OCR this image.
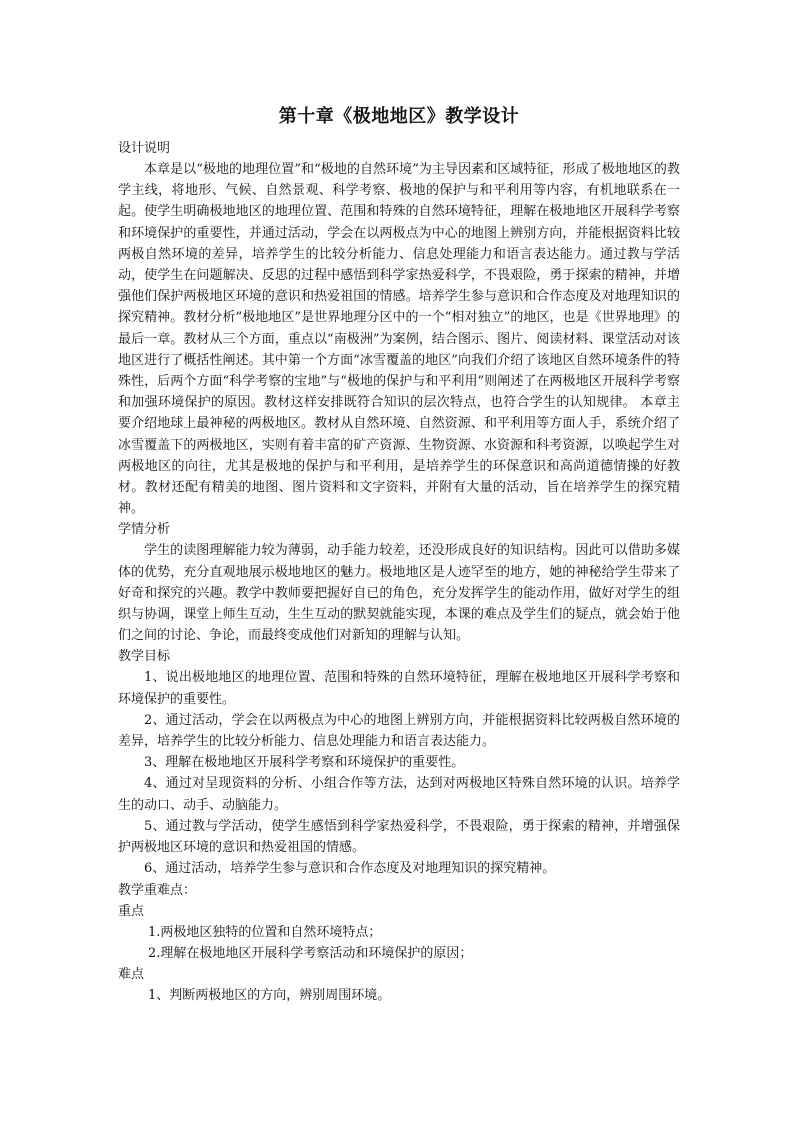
第十章《极地地区》教学设计

设计说明

本章是以“极地的地理位置”和“极地的自然环境”为主导因素和区域特征，形成了极地地区的教学主线，将地形、气候、自然景观、科学考察、极地的保护与和平利用等内容，有机地联系在一起。使学生明确极地地区的地理位置、范围和特殊的自然环境特征，理解在极地地区开展科学考察和环境保护的重要性，并通过活动，学会在以两极点为中心的地图上辨别方向，并能根据资料比较两极自然环境的差异，培养学生的比较分析能力、信息处理能力和语言表达能力。通过教与学活动，使学生在问题解决、反思的过程中感悟到科学家热爱科学，不畏艰险，勇于探索的精神，并增强他们保护两极地区环境的意识和热爱祖国的情感。培养学生参与意识和合作态度及对地理知识的探究精神。教材分析“极地地区”是世界地理分区中的一个“相对独立”的地区，也是《世界地理》的最后一章。教材从三个方面，重点以“南极洲”为案例，结合图示、图片、阅读材料、课堂活动对该地区进行了概括性阐述。其中第一个方面“冰雪覆盖的地区”向我们介绍了该地区自然环境条件的特殊性，后两个方面“科学考察的宝地”与“极地的保护与和平利用”则阐述了在两极地区开展科学考察和加强环境保护的原因。教材这样安排既符合知识的层次特点，也符合学生的认知规律。 本章主要介绍地球上最神秘的两极地区。教材从自然环境、自然资源、和平利用等方面人手，系统介绍了冰雪覆盖下的两极地区，实则有着丰富的矿产资源、生物资源、水资源和科考资源，以唤起学生对两极地区的向往，尤其是极地的保护与和平利用，是培养学生的环保意识和高尚道德情操的好教材。教材还配有精美的地图、图片资料和文字资料，并附有大量的活动，旨在培养学生的探究精神。

学情分析

学生的读图理解能力较为薄弱，动手能力较差，还没形成良好的知识结构。因此可以借助多媒体的优势，充分直观地展示极地地区的魅力。极地地区是人迹罕至的地方，她的神秘给学生带来了好奇和探究的兴趣。教学中教师要把握好自已的角色，充分发挥学生的能动作用，做好对学生的组织与协调，课堂上师生互动，生生互动的默契就能实现，本课的难点及学生们的疑点，就会始于他们之间的讨论、争论，而最终变成他们对新知的理解与认知。

教学目标

1、说出极地地区的地理位置、范围和特殊的自然环境特征，理解在极地地区开展科学考察和环境保护的重要性。

2、通过活动，学会在以两极点为中心的地图上辨别方向，并能根据资料比较两极自然环境的差异，培养学生的比较分析能力、信息处理能力和语言表达能力。

3、理解在极地地区开展科学考察和环境保护的重要性。

4、通过对呈现资料的分析、小组合作等方法，达到对两极地区特殊自然环境的认识。培养学生的动口、动手、动脑能力。

5、通过教与学活动，使学生感悟到科学家热爱科学，不畏艰险，勇于探索的精神，并增强保护两极地区环境的意识和热爱祖国的情感。

6、通过活动，培养学生参与意识和合作态度及对地理知识的探究精神。

教学重难点：

重点

1.两极地区独特的位置和自然环境特点；

2.理解在极地地区开展科学考察活动和环境保护的原因；

难点

1、判断两极地区的方向，辨别周围环境。
